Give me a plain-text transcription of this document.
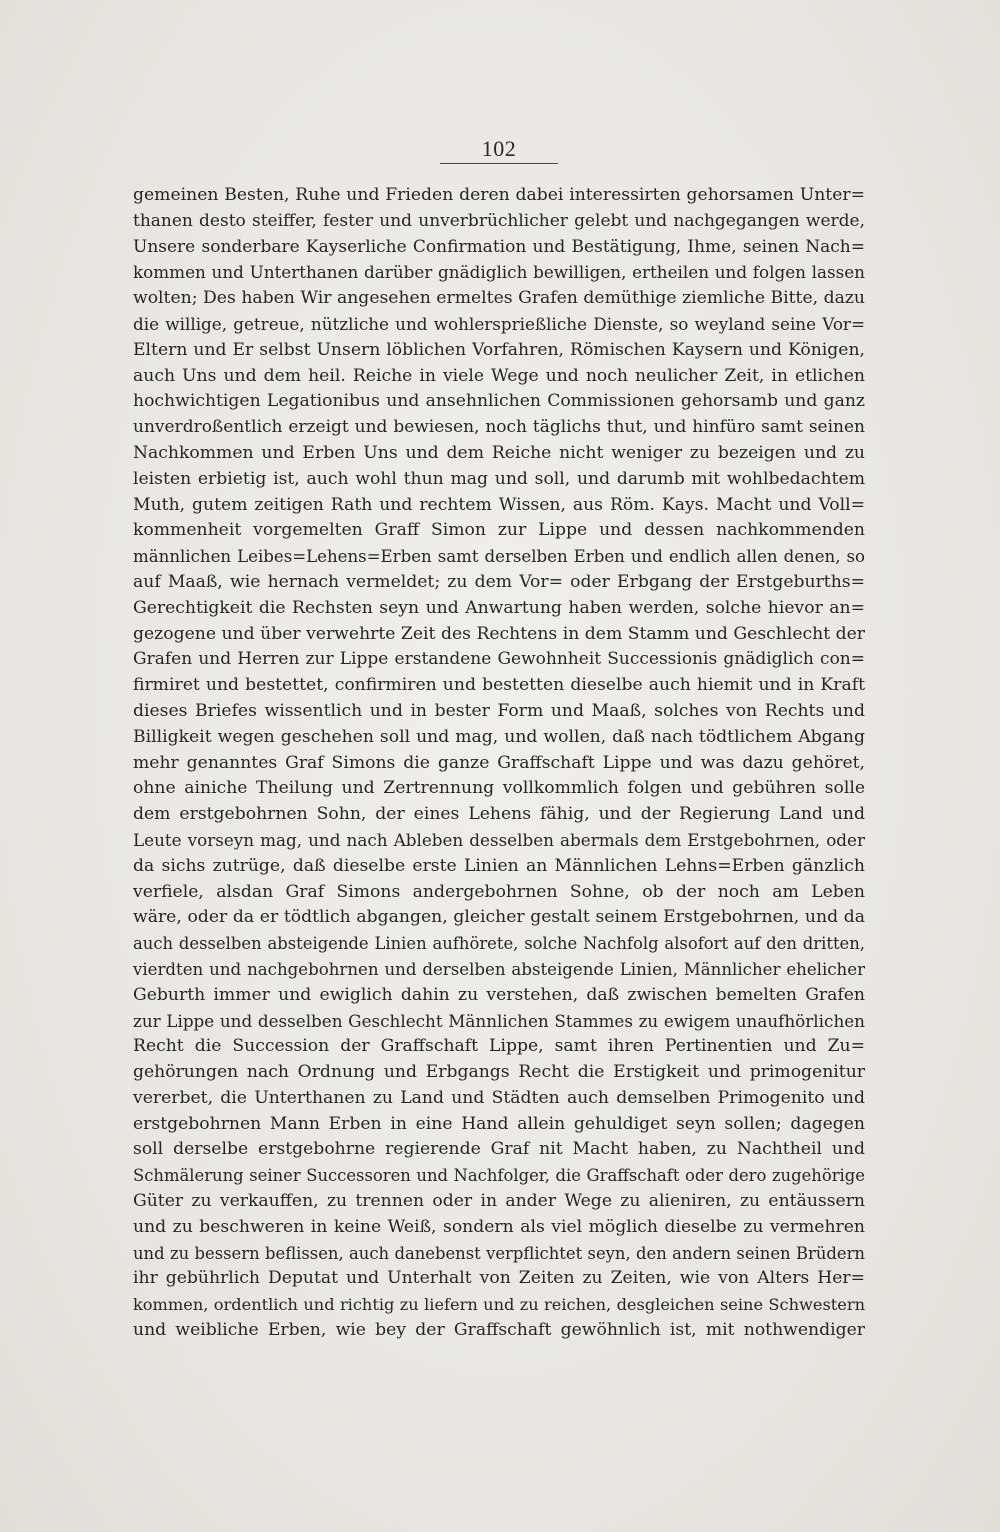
102
gemeinen Besten, Ruhe und Frieden deren dabei interessirten gehorsamen Unter=
thanen desto steiffer, fester und unverbrüchlicher gelebt und nachgegangen werde,
Unsere sonderbare Kayserliche Confirmation und Bestätigung, Ihme, seinen Nach=
kommen und Unterthanen darüber gnädiglich bewilligen, ertheilen und folgen lassen
wolten; Des haben Wir angesehen ermeltes Grafen demüthige ziemliche Bitte, dazu
die willige, getreue, nützliche und wohlersprießliche Dienste, so weyland seine Vor=
Eltern und Er selbst Unsern löblichen Vorfahren, Römischen Kaysern und Königen,
auch Uns und dem heil. Reiche in viele Wege und noch neulicher Zeit, in etlichen
hochwichtigen Legationibus und ansehnlichen Commissionen gehorsamb und ganz
unverdroßentlich erzeigt und bewiesen, noch täglichs thut, und hinfüro samt seinen
Nachkommen und Erben Uns und dem Reiche nicht weniger zu bezeigen und zu
leisten erbietig ist, auch wohl thun mag und soll, und darumb mit wohlbedachtem
Muth, gutem zeitigen Rath und rechtem Wissen, aus Röm. Kays. Macht und Voll=
kommenheit vorgemelten Graff Simon zur Lippe und dessen nachkommenden
männlichen Leibes=Lehens=Erben samt derselben Erben und endlich allen denen, so
auf Maaß, wie hernach vermeldet; zu dem Vor= oder Erbgang der Erstgeburths=
Gerechtigkeit die Rechsten seyn und Anwartung haben werden, solche hievor an=
gezogene und über verwehrte Zeit des Rechtens in dem Stamm und Geschlecht der
Grafen und Herren zur Lippe erstandene Gewohnheit Successionis gnädiglich con=
firmiret und bestettet, confirmiren und bestetten dieselbe auch hiemit und in Kraft
dieses Briefes wissentlich und in bester Form und Maaß, solches von Rechts und
Billigkeit wegen geschehen soll und mag, und wollen, daß nach tödtlichem Abgang
mehr genanntes Graf Simons die ganze Graffschaft Lippe und was dazu gehöret,
ohne ainiche Theilung und Zertrennung vollkommlich folgen und gebühren solle
dem erstgebohrnen Sohn, der eines Lehens fähig, und der Regierung Land und
Leute vorseyn mag, und nach Ableben desselben abermals dem Erstgebohrnen, oder
da sichs zutrüge, daß dieselbe erste Linien an Männlichen Lehns=Erben gänzlich
verfiele, alsdan Graf Simons andergebohrnen Sohne, ob der noch am Leben
wäre, oder da er tödtlich abgangen, gleicher gestalt seinem Erstgebohrnen, und da
auch desselben absteigende Linien aufhörete, solche Nachfolg alsofort auf den dritten,
vierdten und nachgebohrnen und derselben absteigende Linien, Männlicher ehelicher
Geburth immer und ewiglich dahin zu verstehen, daß zwischen bemelten Grafen
zur Lippe und desselben Geschlecht Männlichen Stammes zu ewigem unaufhörlichen
Recht die Succession der Graffschaft Lippe, samt ihren Pertinentien und Zu=
gehörungen nach Ordnung und Erbgangs Recht die Erstigkeit und primogenitur
vererbet, die Unterthanen zu Land und Städten auch demselben Primogenito und
erstgebohrnen Mann Erben in eine Hand allein gehuldiget seyn sollen; dagegen
soll derselbe erstgebohrne regierende Graf nit Macht haben, zu Nachtheil und
Schmälerung seiner Successoren und Nachfolger, die Graffschaft oder dero zugehörige
Güter zu verkauffen, zu trennen oder in ander Wege zu alieniren, zu entäussern
und zu beschweren in keine Weiß, sondern als viel möglich dieselbe zu vermehren
und zu bessern beflissen, auch danebenst verpflichtet seyn, den andern seinen Brüdern
ihr gebührlich Deputat und Unterhalt von Zeiten zu Zeiten, wie von Alters Her=
kommen, ordentlich und richtig zu liefern und zu reichen, desgleichen seine Schwestern
und weibliche Erben, wie bey der Graffschaft gewöhnlich ist, mit nothwendiger
